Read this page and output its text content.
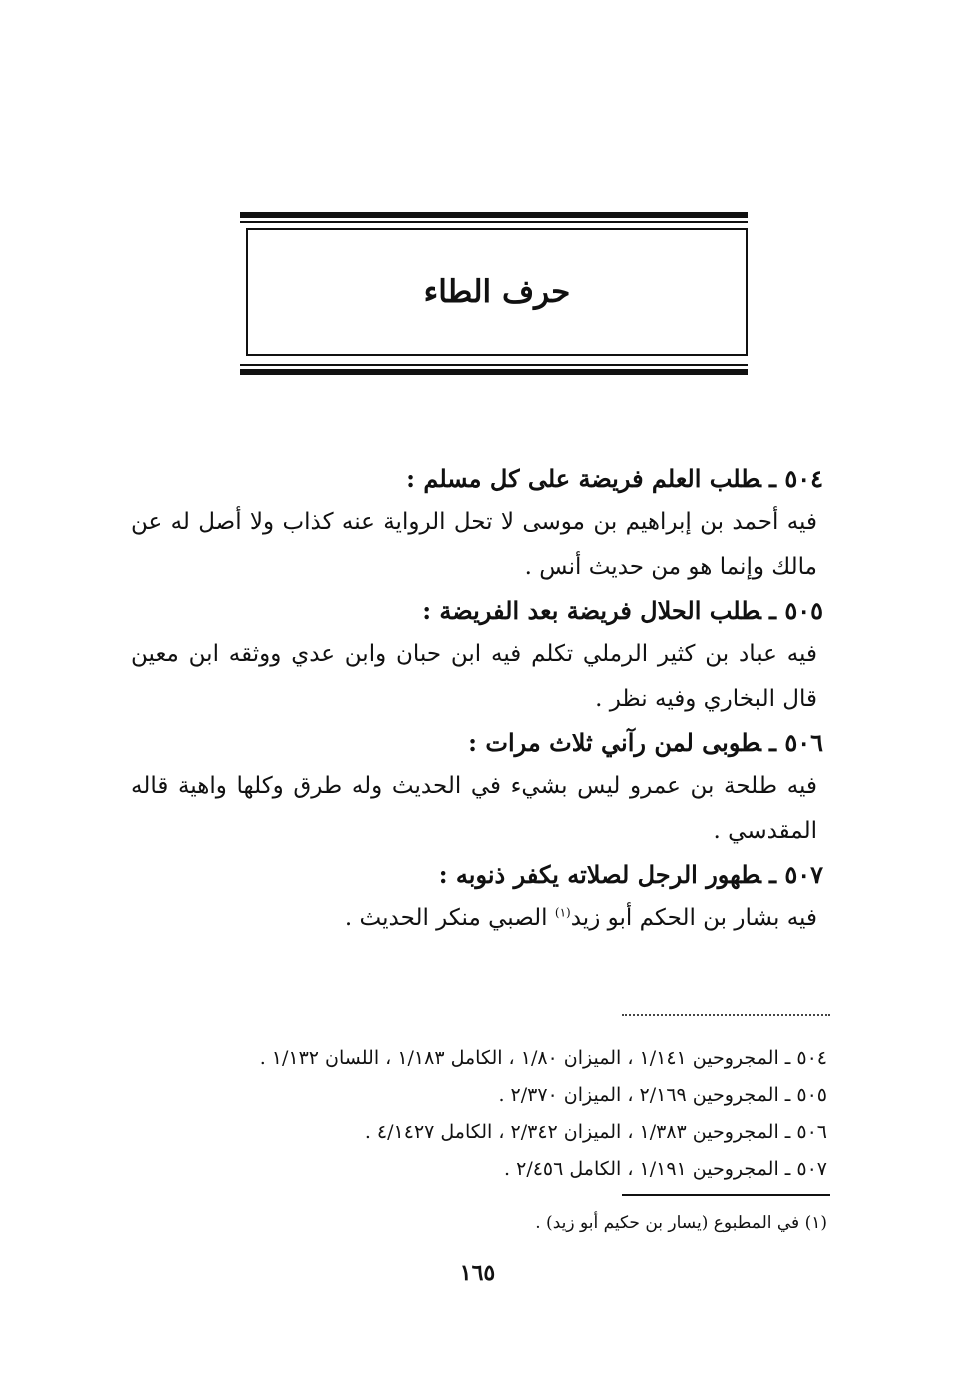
حرف الطاء
٥٠٤ ـطلب العلم فريضة على كل مسلم :
فيه أحمد بن إبراهيم بن موسى لا تحل الرواية عنه كذاب ولا أصل له عن مالك وإنما هو من حديث أنس .
٥٠٥ ـطلب الحلال فريضة بعد الفريضة :
فيه عباد بن كثير الرملي تكلم فيه ابن حبان وابن عدي ووثقه ابن معين قال البخاري وفيه نظر .
٥٠٦ ـطوبى لمن رآني ثلاث مرات :
فيه طلحة بن عمرو ليس بشيء في الحديث وله طرق وكلها واهية قاله المقدسي .
٥٠٧ ـطهور الرجل لصلاته يكفر ذنوبه :
فيه بشار بن الحكم أبو زيد$^{(١)}$ الصبي منكر الحديث .
٥٠٤ ـ المجروحين ١/١٤١ ، الميزان ١/٨٠ ، الكامل ١/١٨٣ ، اللسان ١/١٣٢ .
٥٠٥ ـ المجروحين ٢/١٦٩ ، الميزان ٢/٣٧٠ .
٥٠٦ ـ المجروحين ١/٣٨٣ ، الميزان ٢/٣٤٢ ، الكامل ٤/١٤٢٧ .
٥٠٧ ـ المجروحين ١/١٩١ ، الكامل ٢/٤٥٦ .
(١) في المطبوع (يسار بن حكيم أبو زيد) .
١٦٥
